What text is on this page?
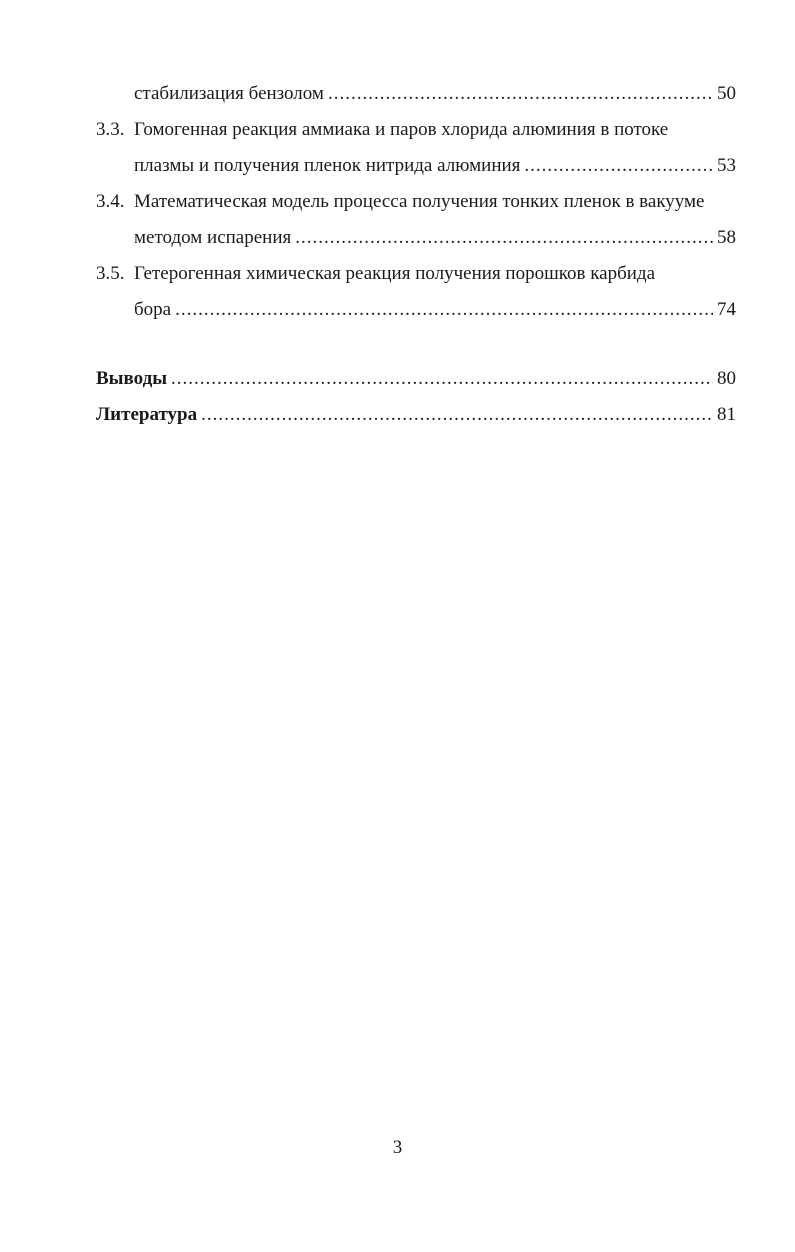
стабилизация бензолом .....	50
3.3. Гомогенная реакция аммиака и паров хлорида алюминия в потоке
плазмы и получения пленок нитрида алюминия .....	53
3.4. Математическая модель процесса получения тонких пленок в вакууме
методом испарения .....	58
3.5. Гетерогенная химическая реакция получения порошков карбида
бора .....	74
Выводы .....	80
Литература .....	81
3
